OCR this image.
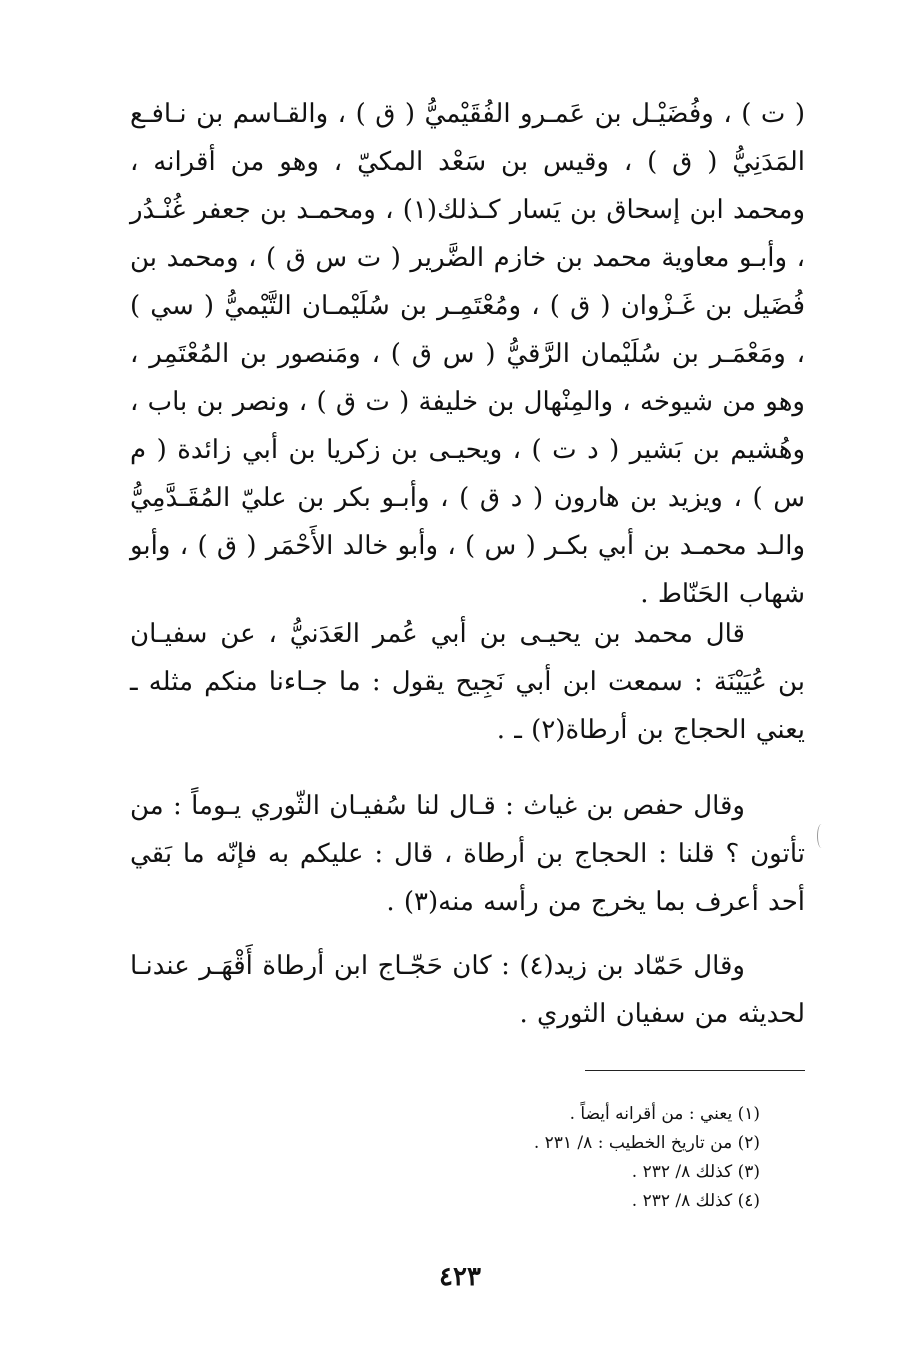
( ت ) ، وفُضَيْـل بن عَمـرو الفُقَيْميُّ ( ق ) ، والقـاسم بن نـافـع المَدَنِيُّ ( ق ) ، وقيس بن سَعْد المكيّ ، وهو من أقرانه ، ومحمد ابن إسحاق بن يَسار كـذلك(١) ، ومحمـد بن جعفر غُنْـدُر ، وأبـو معاوية محمد بن خازم الضَّرير ( ت س ق ) ، ومحمد بن فُضَيل بن غَـزْوان ( ق ) ، ومُعْتَمِـر بن سُلَيْمـان التَّيْميُّ ( سي ) ، ومَعْمَـر بن سُلَيْمان الرَّقيُّ ( س ق ) ، ومَنصور بن المُعْتَمِر ، وهو من شيوخه ، والمِنْهال بن خليفة ( ت ق ) ، ونصر بن باب ، وهُشيم بن بَشير ( د ت ) ، ويحيـى بن زكريا بن أبي زائدة ( م س ) ، ويزيد بن هارون ( د ق ) ، وأبـو بكر بن عليّ المُقَـدَّمِيُّ والـد محمـد بن أبي بكـر ( س ) ، وأبو خالد الأَحْمَر ( ق ) ، وأبو شهاب الحَنّاط .
قال محمد بن يحيـى بن أبي عُمر العَدَنيُّ ، عن سفيـان بن عُيَيْنَة : سمعت ابن أبي نَجِيح يقول : ما جـاءنا منكم مثله ـ يعني الحجاج بن أرطاة(٢) ـ .
وقال حفص بن غياث : قـال لنا سُفيـان الثّوري يـوماً : من تأتون ؟ قلنا : الحجاج بن أرطاة ، قال : عليكم به فإنّه ما بَقي أحد أعرف بما يخرج من رأسه منه(٣) .
وقال حَمّاد بن زيد(٤) : كان حَجّـاج ابن أرطاة أَقْهَـر عندنـا لحديثه من سفيان الثوري .
(١) يعني : من أقرانه أيضاً .
(٢) من تاريخ الخطيب : ٨/ ٢٣١ .
(٣) كذلك ٨/ ٢٣٢ .
(٤) كذلك ٨/ ٢٣٢ .
٤٢٣
